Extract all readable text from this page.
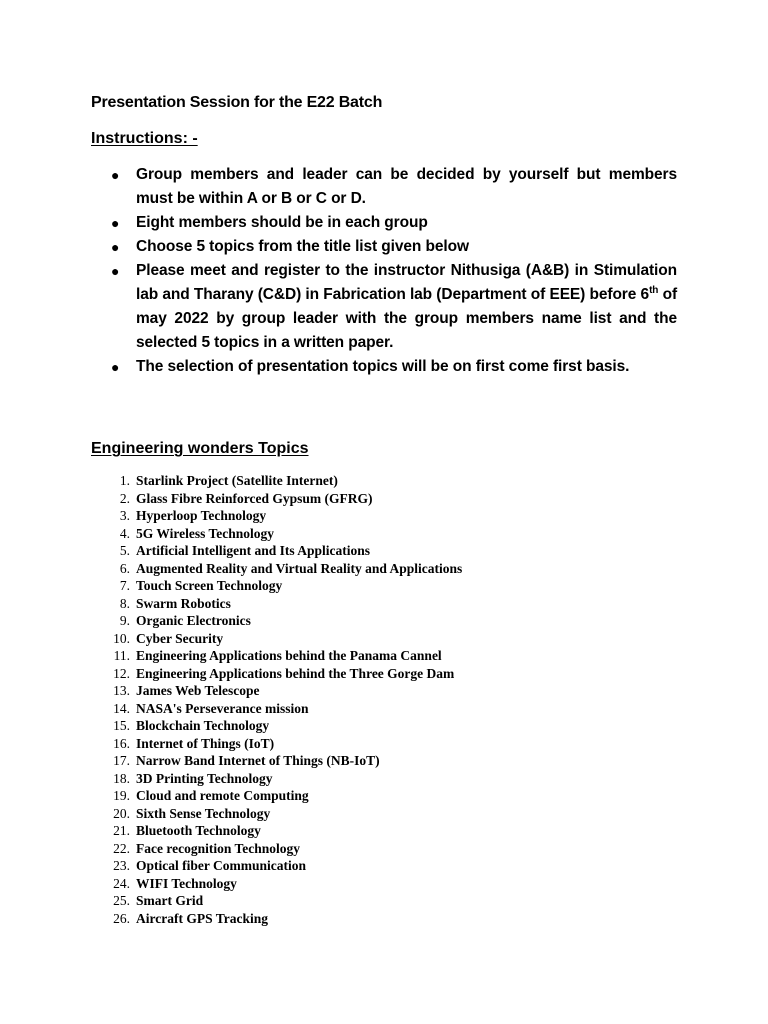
Presentation Session for the E22 Batch
Instructions: -
● Group members and leader can be decided by yourself but members must be within A or B or C or D.
● Eight members should be in each group
● Choose 5 topics from the title list given below
● Please meet and register to the instructor Nithusiga (A&B) in Stimulation lab and Tharany (C&D) in Fabrication lab (Department of EEE) before 6th of may 2022 by group leader with the group members name list and the selected 5 topics in a written paper.
● The selection of presentation topics will be on first come first basis.
Engineering wonders Topics
1. Starlink Project (Satellite Internet)
2. Glass Fibre Reinforced Gypsum (GFRG)
3. Hyperloop Technology
4. 5G Wireless Technology
5. Artificial Intelligent and Its Applications
6. Augmented Reality and Virtual Reality and Applications
7. Touch Screen Technology
8. Swarm Robotics
9. Organic Electronics
10. Cyber Security
11. Engineering Applications behind the Panama Cannel
12. Engineering Applications behind the Three Gorge Dam
13. James Web Telescope
14. NASA's Perseverance mission
15. Blockchain Technology
16. Internet of Things (IoT)
17. Narrow Band Internet of Things (NB-IoT)
18. 3D Printing Technology
19. Cloud and remote Computing
20. Sixth Sense Technology
21. Bluetooth Technology
22. Face recognition Technology
23. Optical fiber Communication
24. WIFI Technology
25. Smart Grid
26. Aircraft GPS Tracking
